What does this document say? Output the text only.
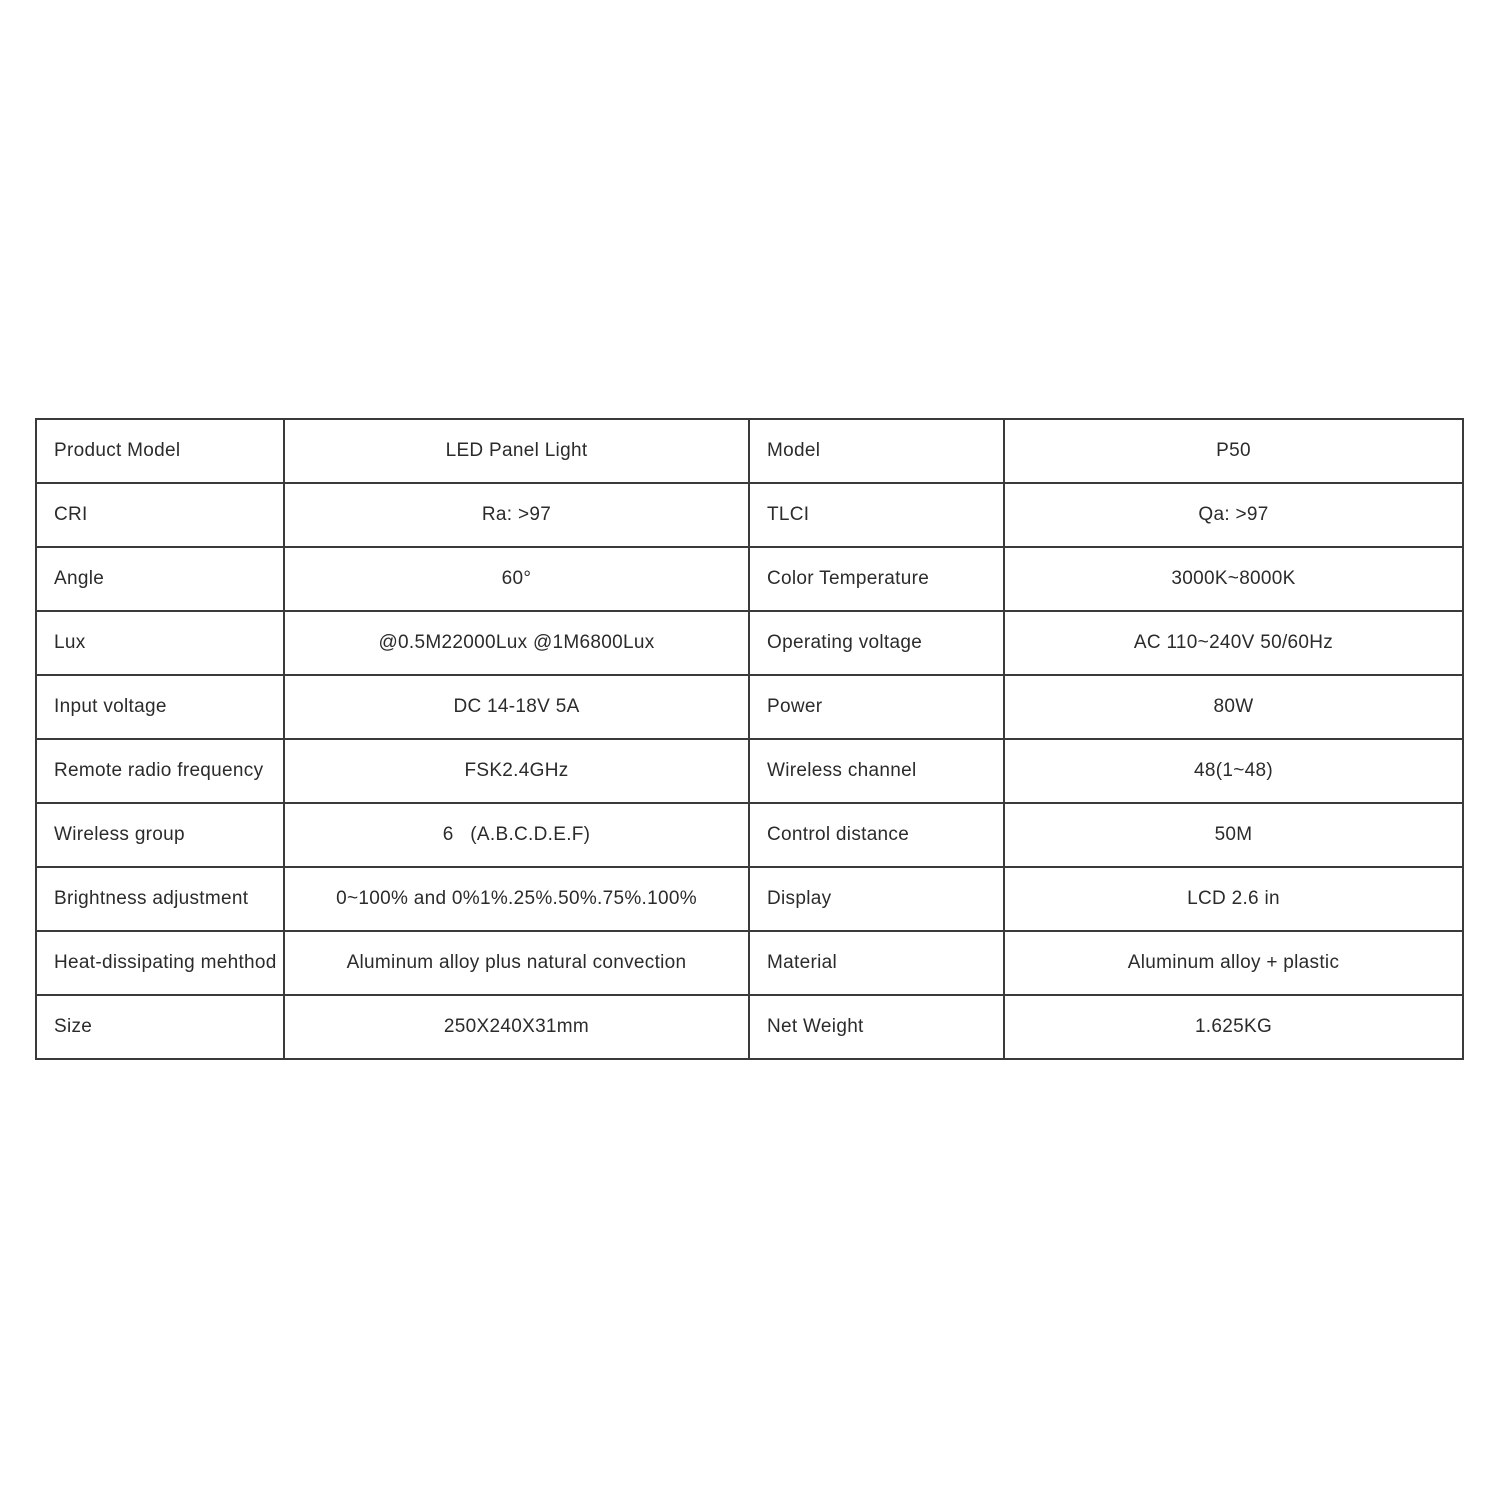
Product Model	LED Panel Light	Model	P50
CRI	Ra: >97	TLCI	Qa: >97
Angle	60°	Color Temperature	3000K~8000K
Lux	@0.5M22000Lux @1M6800Lux	Operating voltage	AC 110~240V 50/60Hz
Input voltage	DC 14-18V 5A	Power	80W
Remote radio frequency	FSK2.4GHz	Wireless channel	48(1~48)
Wireless group	6   (A.B.C.D.E.F)	Control distance	50M
Brightness adjustment	0~100% and 0%1%.25%.50%.75%.100%	Display	LCD 2.6 in
Heat-dissipating mehthod	Aluminum alloy plus natural convection	Material	Aluminum alloy + plastic
Size	250X240X31mm	Net Weight	1.625KG
